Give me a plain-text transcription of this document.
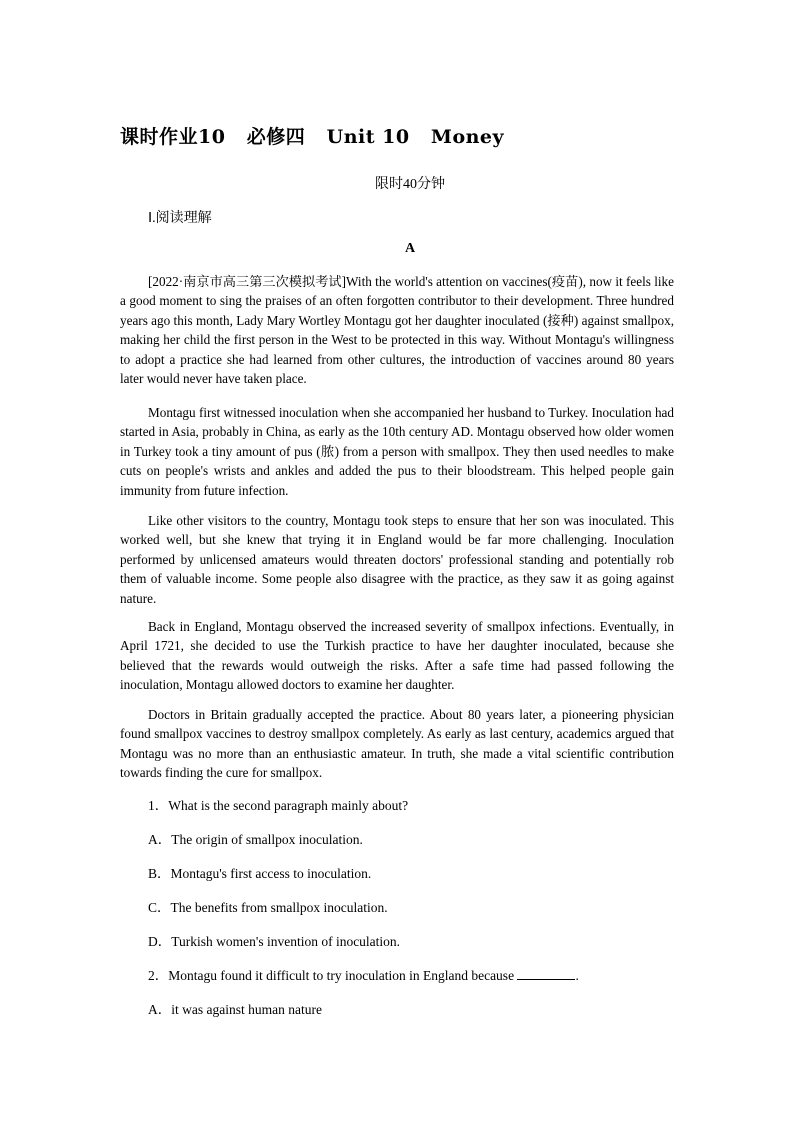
课时作业10   必修四   Unit 10   Money
限时40分钟
Ⅰ.阅读理解
A

[2022·南京市高三第三次模拟考试]With the world's attention on vaccines(疫苗), now it feels like a good moment to sing the praises of an often forgotten contributor to their development. Three hundred years ago this month, Lady Mary Wortley Montagu got her daughter inoculated (接种) against smallpox, making her child the first person in the West to be protected in this way. Without Montagu's willingness to adopt a practice she had learned from other cultures, the introduction of vaccines around 80 years later would never have taken place.

Montagu first witnessed inoculation when she accompanied her husband to Turkey. Inoculation had started in Asia, probably in China, as early as the 10th century AD. Montagu observed how older women in Turkey took a tiny amount of pus (脓) from a person with smallpox. They then used needles to make cuts on people's wrists and ankles and added the pus to their bloodstream. This helped people gain immunity from future infection.

Like other visitors to the country, Montagu took steps to ensure that her son was inoculated. This worked well, but she knew that trying it in England would be far more challenging. Inoculation performed by unlicensed amateurs would threaten doctors' professional standing and potentially rob them of valuable income. Some people also disagree with the practice, as they saw it as going against nature.

Back in England, Montagu observed the increased severity of smallpox infections. Eventually, in April 1721, she decided to use the Turkish practice to have her daughter inoculated, because she believed that the rewards would outweigh the risks. After a safe time had passed following the inoculation, Montagu allowed doctors to examine her daughter.

Doctors in Britain gradually accepted the practice. About 80 years later, a pioneering physician found smallpox vaccines to destroy smallpox completely. As early as last century, academics argued that Montagu was no more than an enthusiastic amateur. In truth, she made a vital scientific contribution towards finding the cure for smallpox.

1．What is the second paragraph mainly about?
A．The origin of smallpox inoculation.
B．Montagu's first access to inoculation.
C．The benefits from smallpox inoculation.
D．Turkish women's invention of inoculation.
2．Montagu found it difficult to try inoculation in England because	.
A．it was against human nature
